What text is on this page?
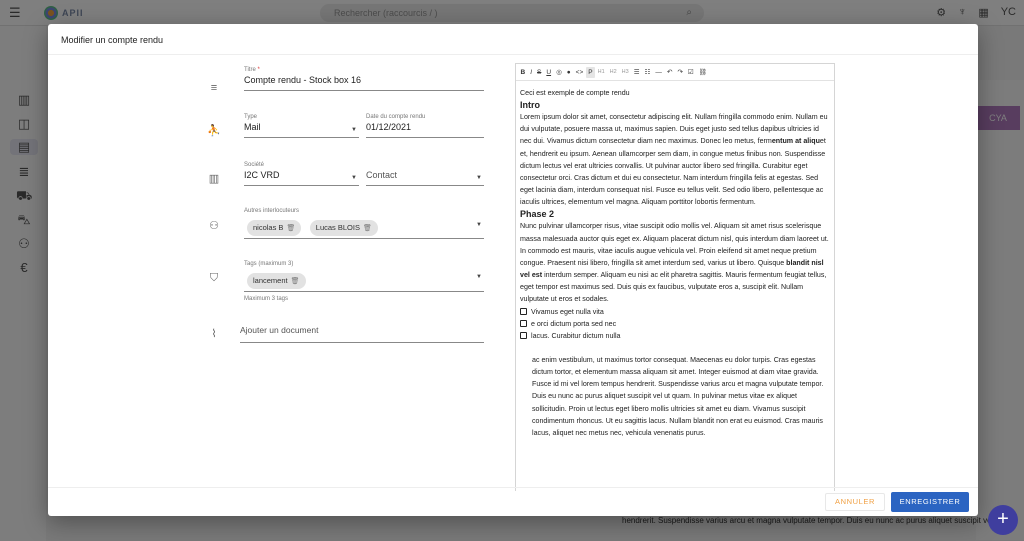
+
Modifier un compte rendu
≡
Titre *
Compte rendu - Stock box 16
⛹
Type
Mail	▼
Date du compte rendu
01/12/2021
▥
Société
I2C VRD	▼
Contact	▼
⚇
Autres interlocuteurs
nicolas B 🗑
	Lucas BLOIS 🗑	▼
⛉
Tags (maximum 3)
lancement 🗑
▼
Maximum 3 tags
⌇	Ajouter un document
B I S U ◎ ● <> P H1 H2 H3 ☰ ☷ — ↶ ↷ ☑ ⛓

Ceci est exemple de compte rendu

Intro

Lorem ipsum dolor sit amet, consectetur adipiscing elit. Nullam fringilla commodo enim. Nullam eu dui vulputate, posuere massa ut, maximus sapien. Duis eget justo sed tellus dapibus ultricies id nec dui. Vivamus dictum consectetur diam nec maximus. Donec leo metus, fermentum at aliquet et, hendrerit eu ipsum. Aenean ullamcorper sem diam, in congue metus finibus non. Suspendisse dictum lectus vel erat ultricies convallis. Ut pulvinar auctor libero sed fringilla. Curabitur eget consectetur orci. Cras dictum et dui eu consectetur. Nam interdum fringilla felis at egestas. Sed eget lacinia diam, interdum consequat nisl. Fusce eu tellus velit. Sed odio libero, pellentesque ac iaculis ultrices, elementum vel magna. Aliquam porttitor lobortis fermentum.

Phase 2

Nunc pulvinar ullamcorper risus, vitae suscipit odio mollis vel. Aliquam sit amet risus scelerisque massa malesuada auctor quis eget ex. Aliquam placerat dictum nisl, quis interdum diam laoreet ut. In commodo est mauris, vitae iaculis augue vehicula vel. Proin eleifend sit amet neque pretium congue. Praesent nisi libero, fringilla sit amet interdum sed, varius ut libero. Quisque blandit nisl vel est interdum semper. Aliquam eu nisi ac elit pharetra sagittis. Mauris fermentum feugiat tellus, eget tempor est maximus sed. Duis quis ex faucibus, vulputate eros a, suscipit elit. Nullam vulputate ut eros et sodales.

Vivamus eget nulla vita
e orci dictum porta sed nec
lacus. Curabitur dictum nulla

ac enim vestibulum, ut maximus tortor consequat. Maecenas eu dolor turpis. Cras egestas dictum tortor, et elementum massa aliquam sit amet. Integer euismod at diam vitae gravida. Fusce id mi vel lorem tempus hendrerit. Suspendisse varius arcu et magna vulputate tempor. Duis eu nunc ac purus aliquet suscipit vel ut quam. In pulvinar metus vitae ex aliquet sollicitudin. Proin ut lectus eget libero mollis ultricies sit amet eu diam. Vivamus suscipit condimentum rhoncus. Ut eu sagittis lacus. Nullam blandit non erat eu euismod. Cras mauris lacus, aliquet nec metus nec, vehicula venenatis purus.

ANNULER	ENREGISTRER
